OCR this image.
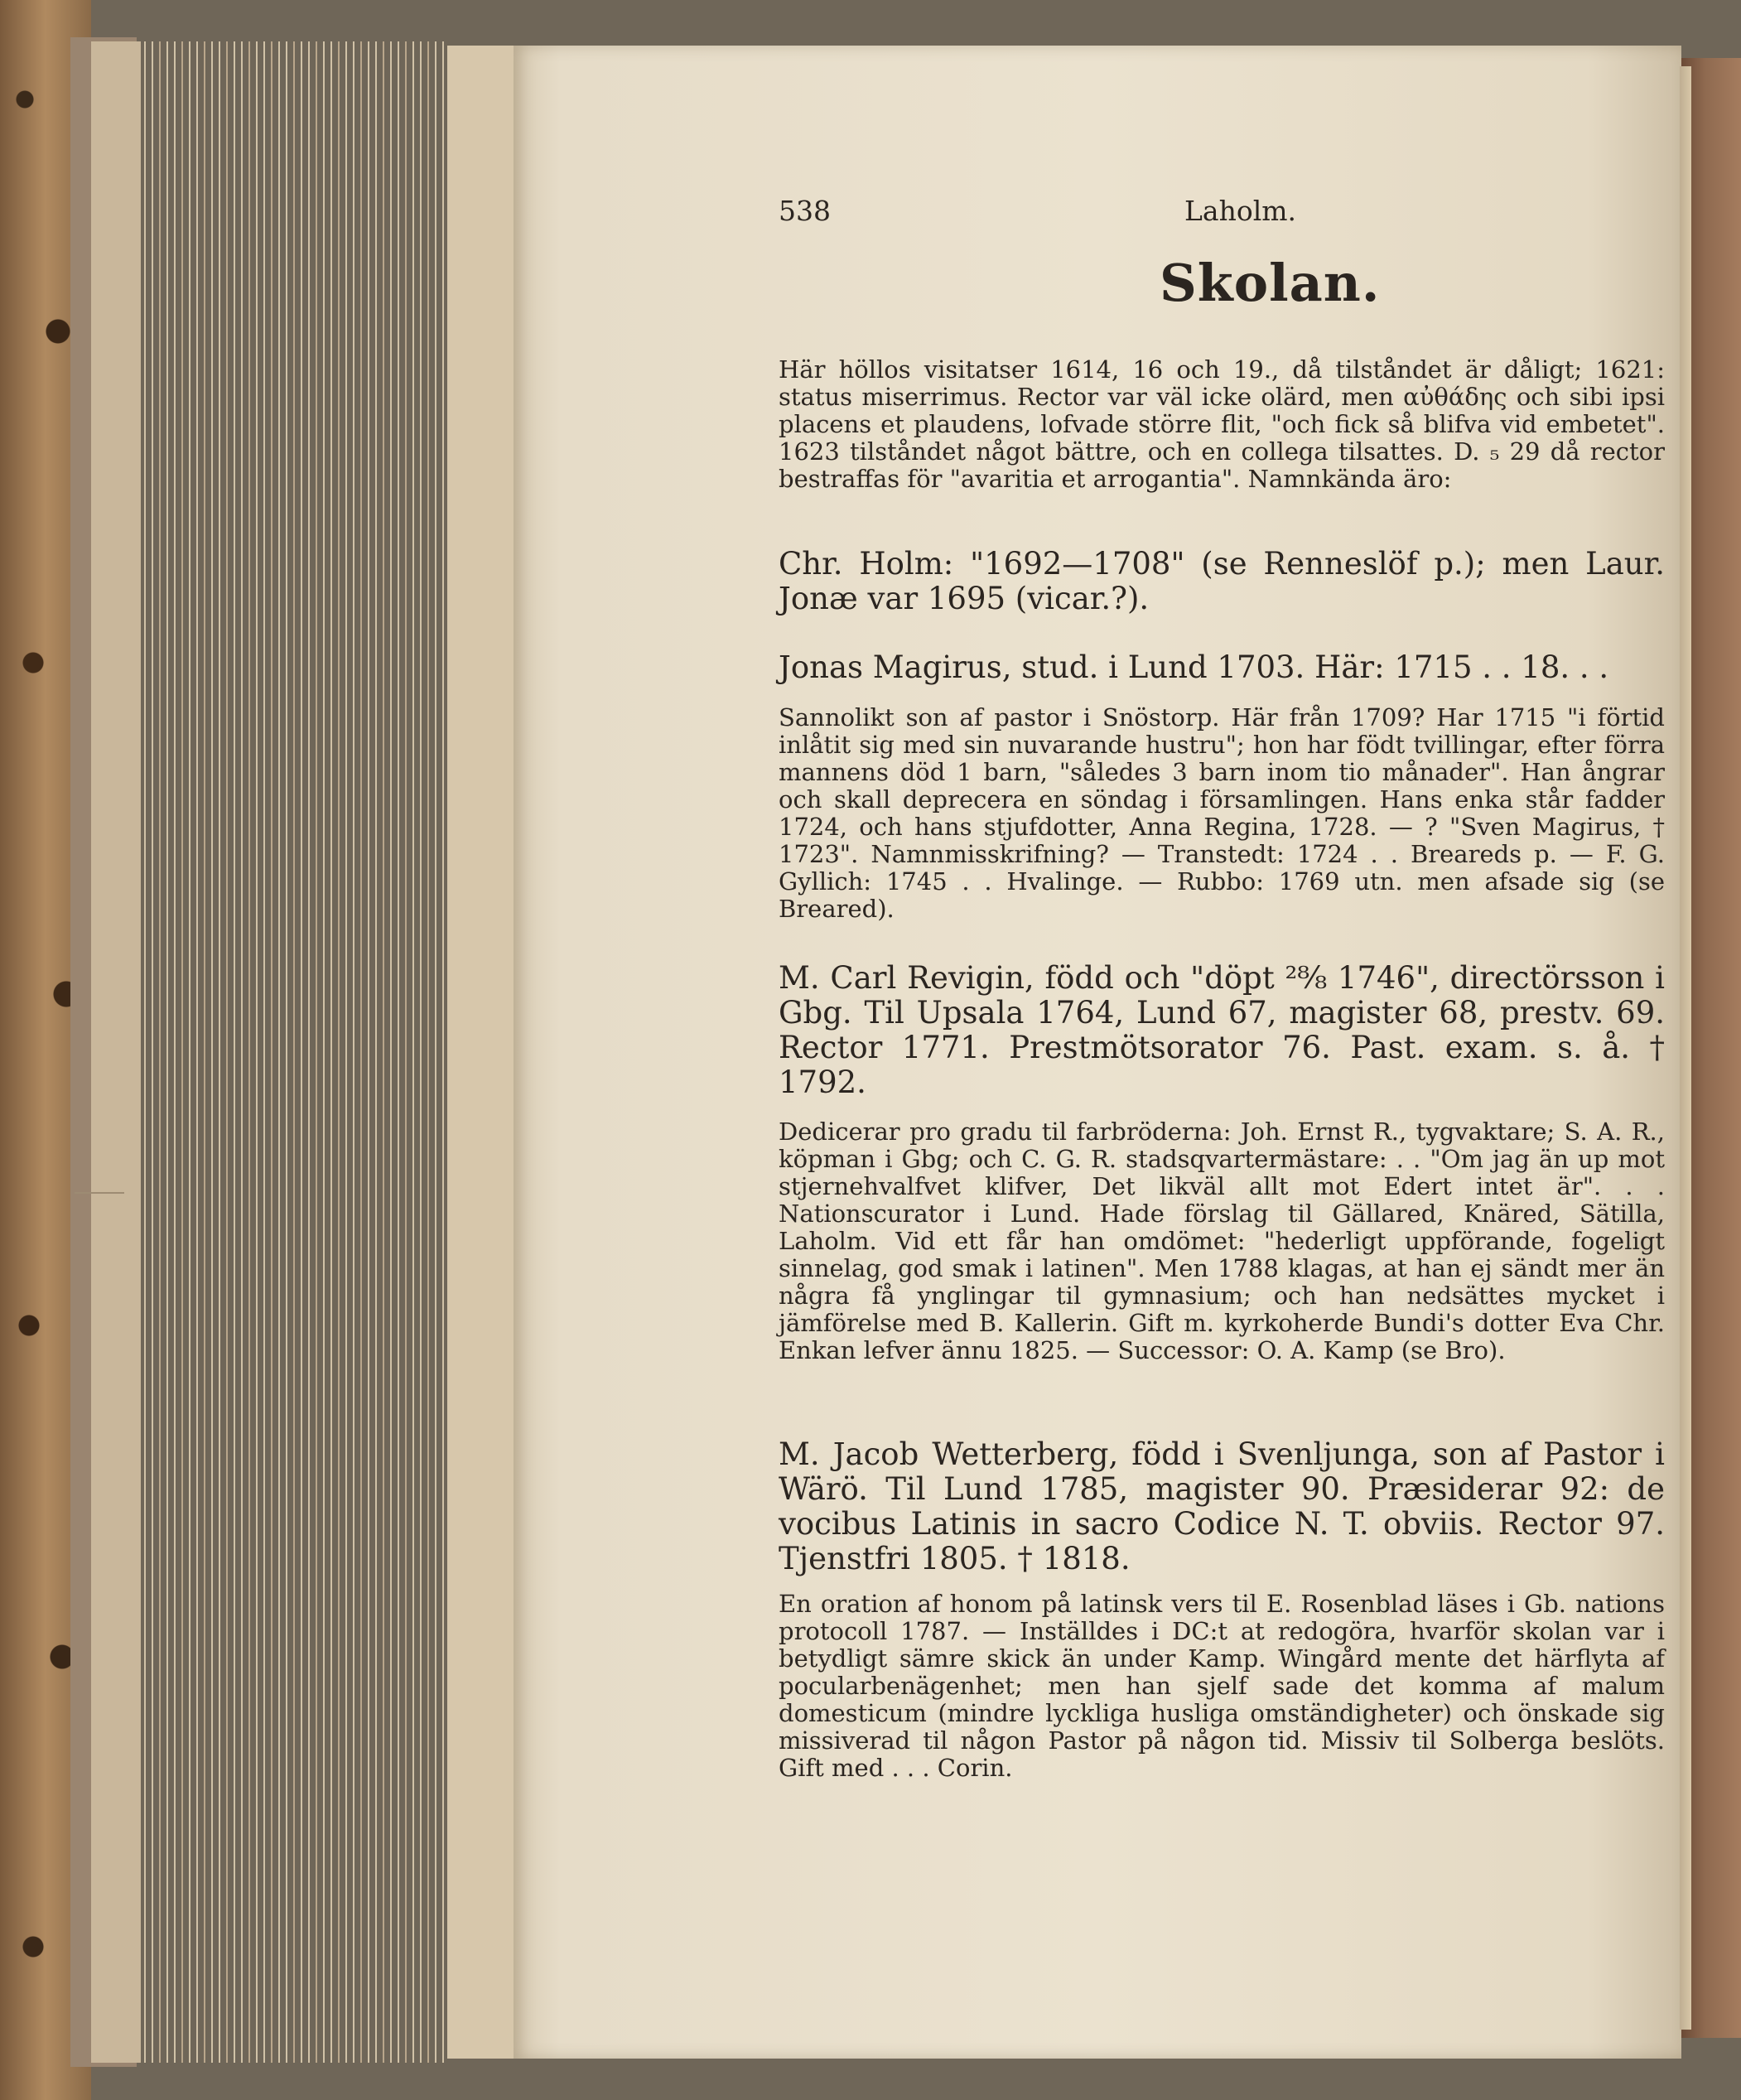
538	Laholm.
Skolan.

Här höllos visitatser 1614, 16 och 19., då tilståndet är dåligt; 1621: status miserrimus. Rector var väl icke olärd, men αὐθάδης och sibi ipsi placens et plaudens, lofvade större flit, "och fick så blifva vid embetet". 1623 tilståndet något bättre, och en collega tilsattes. D. ₅ 29 då rector bestraffas för "avaritia et arrogantia". Namnkända äro:

Chr. Holm: "1692—1708" (se Renneslöf p.); men Laur. Jonæ var 1695 (vicar.?).

Jonas Magirus, stud. i Lund 1703. Här: 1715 . . 18. . .

Sannolikt son af pastor i Snöstorp. Här från 1709? Har 1715 "i förtid inlåtit sig med sin nuvarande hustru"; hon har födt tvillingar, efter förra mannens död 1 barn, "således 3 barn inom tio månader". Han ångrar och skall deprecera en söndag i församlingen. Hans enka står fadder 1724, och hans stjufdotter, Anna Regina, 1728. — ? "Sven Magirus, † 1723". Namnmisskrifning? — Transtedt: 1724 . . Breareds p. — F. G. Gyllich: 1745 . . Hvalinge. — Rubbo: 1769 utn. men afsade sig (se Breared).

M. Carl Revigin, född och "döpt ²⁸⁄₈ 1746", directörsson i Gbg. Til Upsala 1764, Lund 67, magister 68, prestv. 69. Rector 1771. Prestmötsorator 76. Past. exam. s. å. † 1792.

Dedicerar pro gradu til farbröderna: Joh. Ernst R., tygvaktare; S. A. R., köpman i Gbg; och C. G. R. stadsqvartermästare: . . "Om jag än up mot stjernehvalfvet klifver, Det likväl allt mot Edert intet är". . . Nationscurator i Lund. Hade förslag til Gällared, Knäred, Sätilla, Laholm. Vid ett får han omdömet: "hederligt uppförande, fogeligt sinnelag, god smak i latinen". Men 1788 klagas, at han ej sändt mer än några få ynglingar til gymnasium; och han nedsättes mycket i jämförelse med B. Kallerin. Gift m. kyrkoherde Bundi's dotter Eva Chr. Enkan lefver ännu 1825. — Successor: O. A. Kamp (se Bro).

M. Jacob Wetterberg, född i Svenljunga, son af Pastor i Wärö. Til Lund 1785, magister 90. Præsiderar 92: de vocibus Latinis in sacro Codice N. T. obviis. Rector 97. Tjenstfri 1805. † 1818.

En oration af honom på latinsk vers til E. Rosenblad läses i Gb. nations protocoll 1787. — Inställdes i DC:t at redogöra, hvarför skolan var i betydligt sämre skick än under Kamp. Wingård mente det härflyta af pocularbenägenhet; men han sjelf sade det komma af malum domesticum (mindre lyckliga husliga omständigheter) och önskade sig missiverad til någon Pastor på någon tid. Missiv til Solberga beslöts. Gift med . . . Corin.
